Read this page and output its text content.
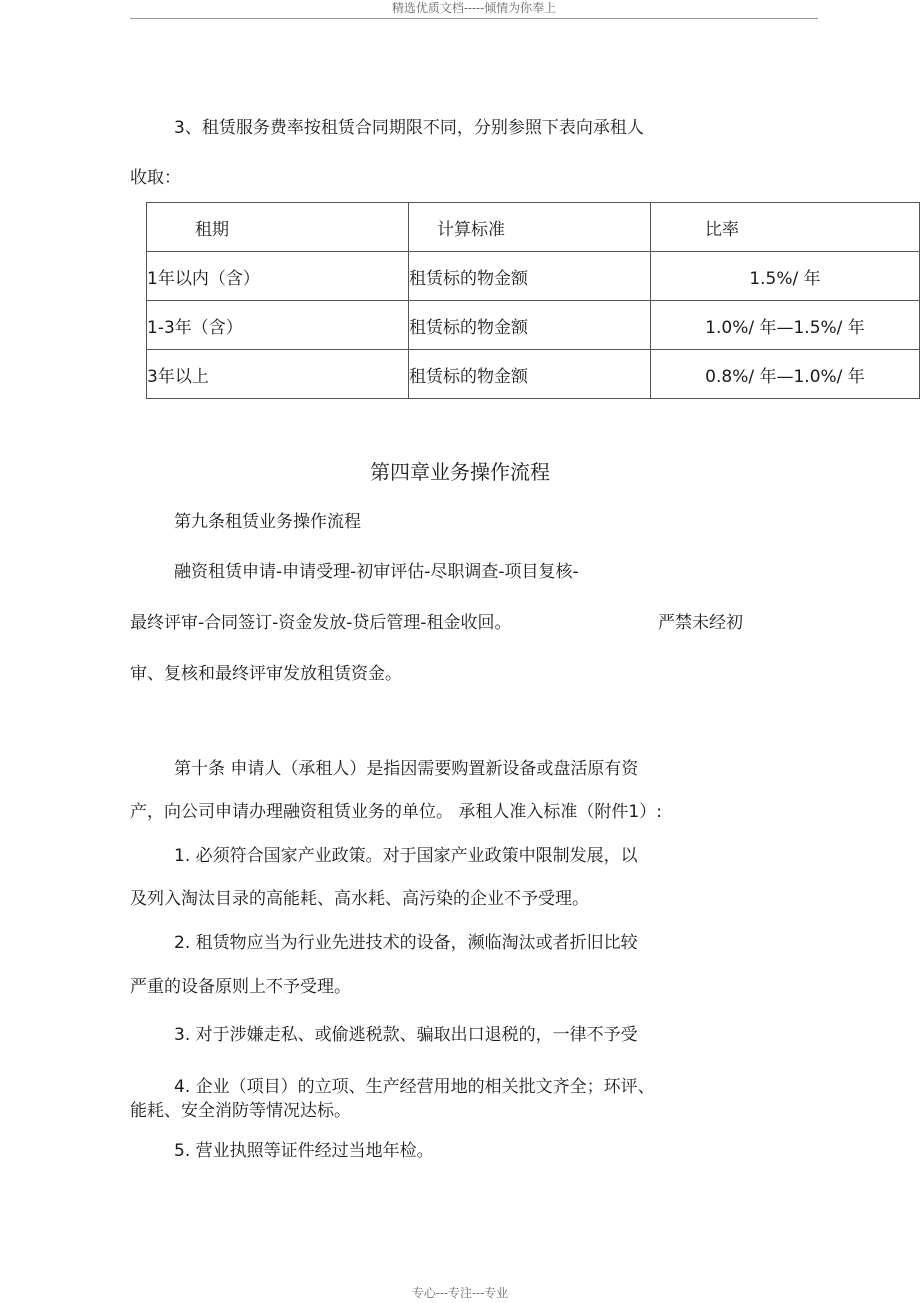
精选优质文档-----倾情为你奉上
3、租赁服务费率按租赁合同期限不同，分别参照下表向承租人
收取：
租期	计算标准	比率
1年以内（含）	租赁标的物金额	1.5%/ 年
1-3年（含）	租赁标的物金额	1.0%/ 年—1.5%/ 年
3年以上	租赁标的物金额	0.8%/ 年—1.0%/ 年
第四章业务操作流程
第九条租赁业务操作流程
融资租赁申请-申请受理-初审评估-尽职调查-项目复核-
最终评审-合同签订-资金发放-贷后管理-租金收回。	严禁未经初
审、复核和最终评审发放租赁资金。
第十条 申请人（承租人）是指因需要购置新设备或盘活原有资
产，向公司申请办理融资租赁业务的单位。 承租人准入标准（附件1）:
1. 必须符合国家产业政策。对于国家产业政策中限制发展，以
及列入淘汰目录的高能耗、高水耗、高污染的企业不予受理。
2. 租赁物应当为行业先进技术的设备，濒临淘汰或者折旧比较
严重的设备原则上不予受理。
3. 对于涉嫌走私、或偷逃税款、骗取出口退税的，一律不予受
4. 企业（项目）的立项、生产经营用地的相关批文齐全；环评、
能耗、安全消防等情况达标。
5. 营业执照等证件经过当地年检。
专心---专注---专业
